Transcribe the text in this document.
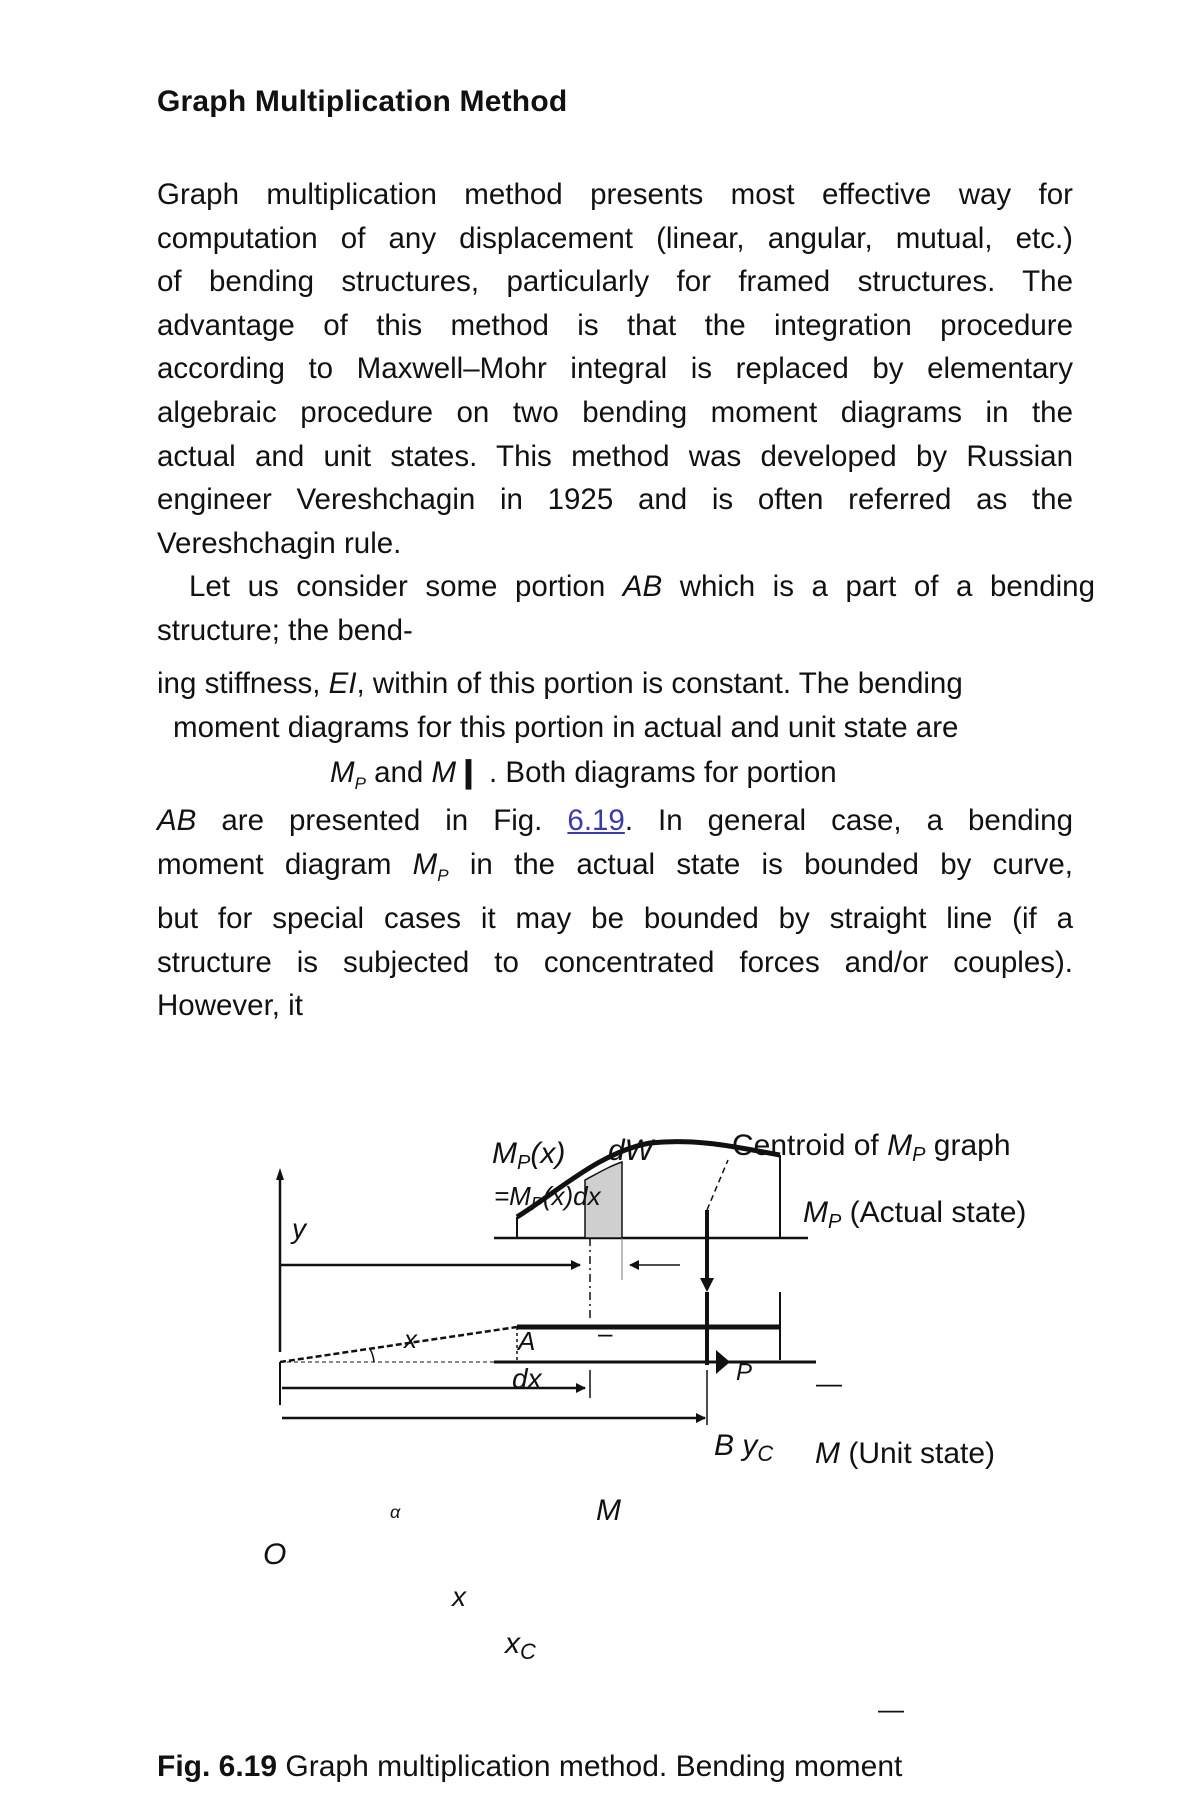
Graph Multiplication Method
Graph multiplication method presents most effective way for
computation of any displacement (linear, angular, mutual, etc.)
of bending structures, particularly for framed structures. The
advantage of this method is that the integration procedure
according to Maxwell–Mohr integral is replaced by elementary
algebraic procedure on two bending moment diagrams in the
actual and unit states. This method was developed by Russian
engineer Vereshchagin in 1925 and is often referred as the
Vereshchagin rule.
Let us consider some portion AB which is a part of a bending
structure; the bend-
ing stiffness, EI, within of this portion is constant. The bending
moment diagrams for this portion in actual and unit state are
$M_P$ and M❙ . Both diagrams for portion
AB are presented in Fig. 6.19. In general case, a bending
moment diagram $M_P$ in the actual state is bounded by curve,
but for special cases it may be bounded by straight line (if a
structure is subjected to concentrated forces and/or couples).
However, it
y
$M_P(x)$ dW
=MP(x)dx
Centroid of $M_P$ graph
$M_P$ (Actual state)
x	A –
dx	P —
B $y_C$ M (Unit state)
α	M
O
x
$x_C$
—
Fig. 6.19 Graph multiplication method. Bending moment
